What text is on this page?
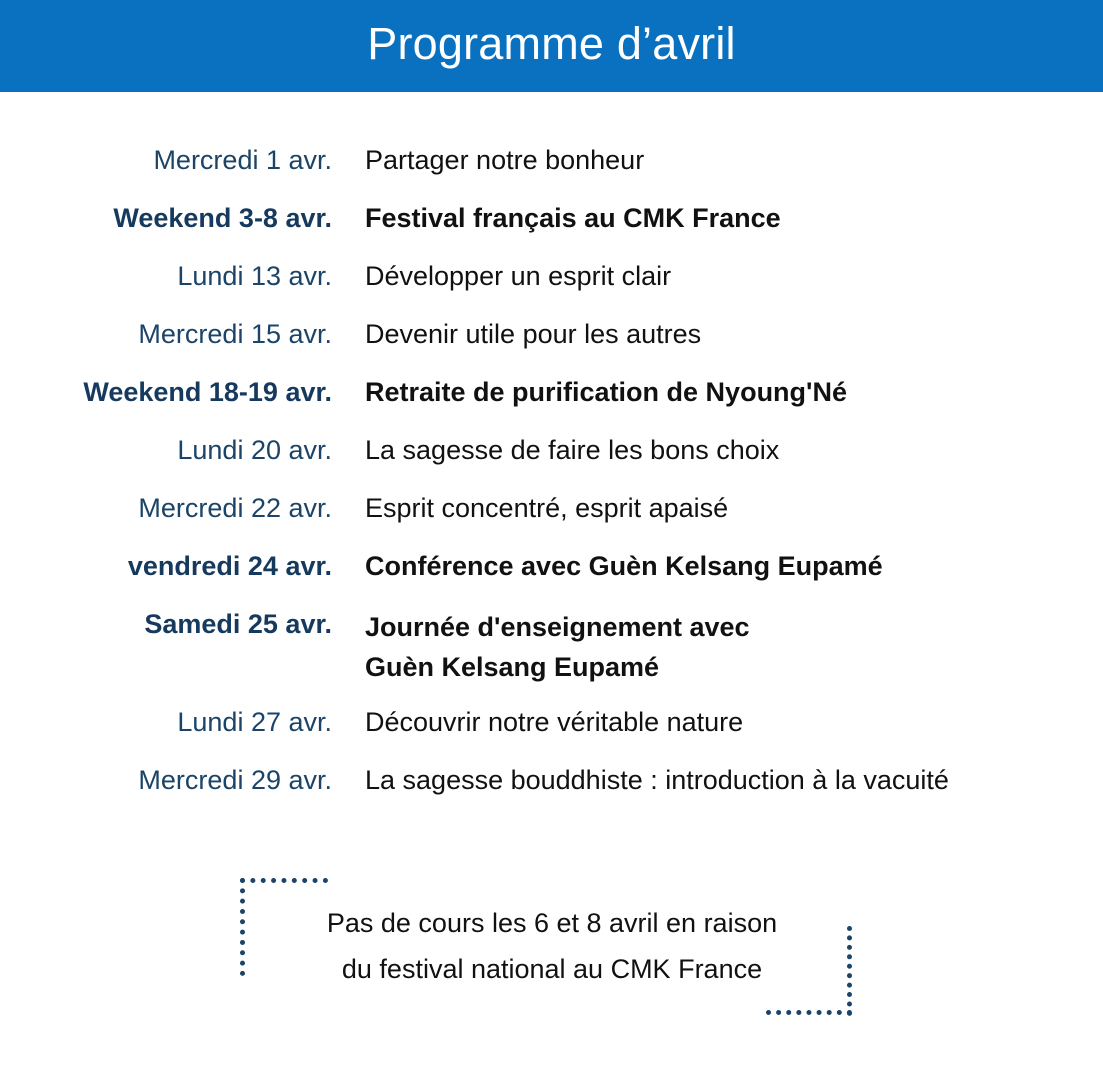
Programme d’avril
Mercredi 1 avr. Partager notre bonheur
Weekend 3-8 avr. Festival français au CMK France
Lundi 13 avr. Développer un esprit clair
Mercredi 15 avr. Devenir utile pour les autres
Weekend 18-19 avr. Retraite de purification de Nyoung'Né
Lundi 20 avr. La sagesse de faire les bons choix
Mercredi 22 avr. Esprit concentré, esprit apaisé
vendredi 24 avr. Conférence avec Guèn Kelsang Eupamé
Samedi 25 avr. Journée d'enseignement avec
Guèn Kelsang Eupamé
Lundi 27 avr. Découvrir notre véritable nature
Mercredi 29 avr. La sagesse bouddhiste : introduction à la vacuité
Pas de cours les 6 et 8 avril en raison
du festival national au CMK France
